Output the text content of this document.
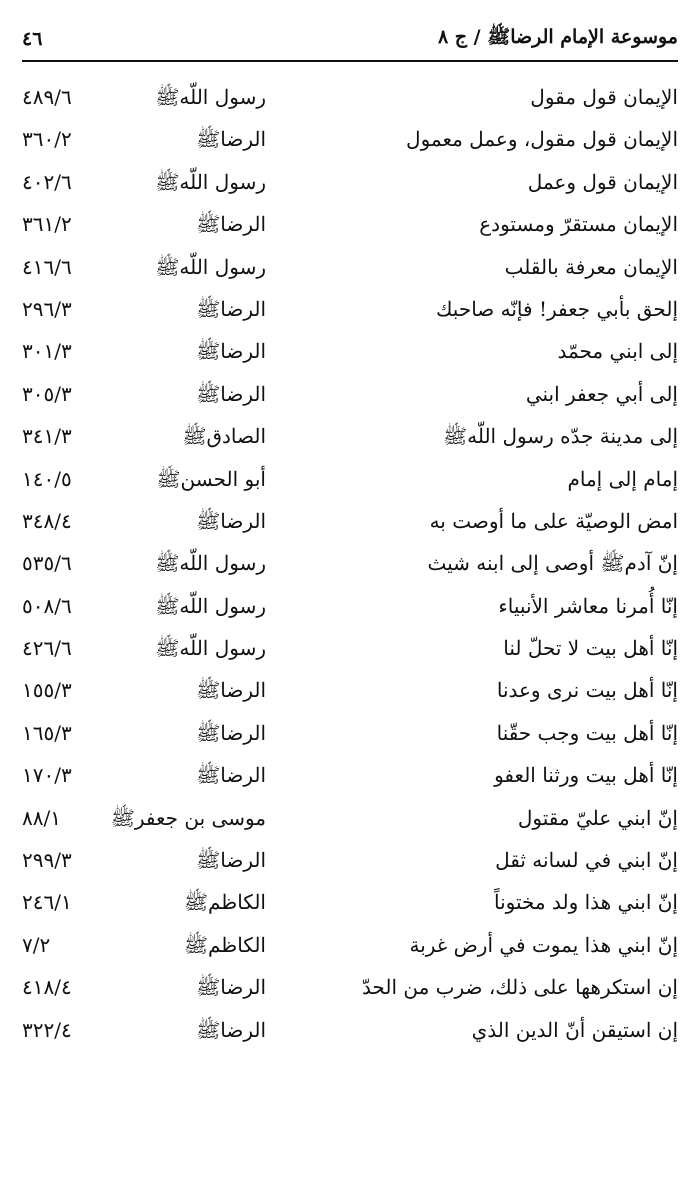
موسوعة الإمام الرضاﷺ / ج ٨
٤٦
الإيمان قول مقول
رسول اللّهﷺ
٤٨٩/٦
الإيمان قول مقول، وعمل معمول
الرضاﷺ
٣٦٠/٢
الإيمان قول وعمل
رسول اللّهﷺ
٤٠٢/٦
الإيمان مستقرّ ومستودع
الرضاﷺ
٣٦١/٢
الإيمان معرفة بالقلب
رسول اللّهﷺ
٤١٦/٦
إلحق بأبي جعفر! فإنّه صاحبك
الرضاﷺ
٢٩٦/٣
إلى ابني محمّد
الرضاﷺ
٣٠١/٣
إلى أبي جعفر ابني
الرضاﷺ
٣٠٥/٣
إلى مدينة جدّه رسول اللّهﷺ
الصادقﷺ
٣٤١/٣
إمام إلى إمام
أبو الحسنﷺ
١٤٠/٥
امض الوصيّة على ما أوصت به
الرضاﷺ
٣٤٨/٤
إنّ آدمﷺ أوصى إلى ابنه شيث
رسول اللّهﷺ
٥٣٥/٦
إنّا أُمرنا معاشر الأنبياء
رسول اللّهﷺ
٥٠٨/٦
إنّا أهل بيت لا تحلّ لنا
رسول اللّهﷺ
٤٢٦/٦
إنّا أهل بيت نرى وعدنا
الرضاﷺ
١٥٥/٣
إنّا أهل بيت وجب حقّنا
الرضاﷺ
١٦٥/٣
إنّا أهل بيت ورثنا العفو
الرضاﷺ
١٧٠/٣
إنّ ابني عليّ مقتول
موسى بن جعفرﷺ
٨٨/١
إنّ ابني في لسانه ثقل
الرضاﷺ
٢٩٩/٣
إنّ ابني هذا ولد مختوناً
الكاظمﷺ
٢٤٦/١
إنّ ابني هذا يموت في أرض غربة
الكاظمﷺ
٧/٢
إن استكرهها على ذلك، ضرب من الحدّ
الرضاﷺ
٤١٨/٤
إن استيقن أنّ الدين الذي
الرضاﷺ
٣٢٢/٤
